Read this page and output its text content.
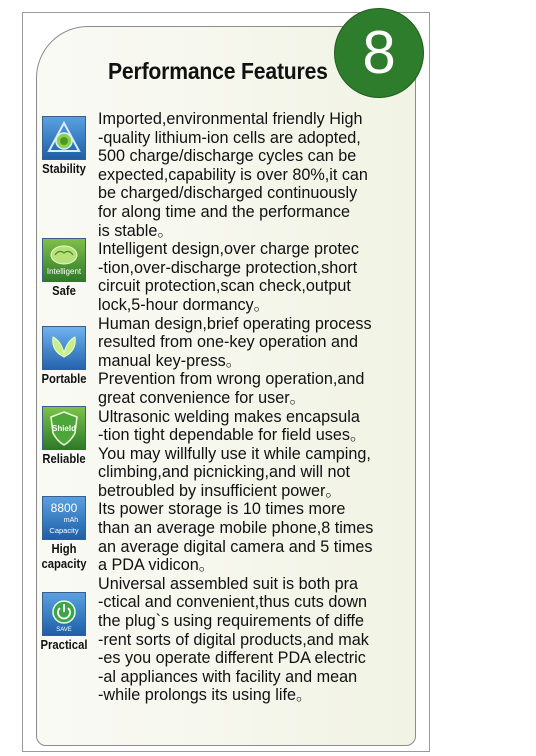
8
Performance Features
Stability
Intelligent
Safe
Portable
Shield
Reliable
8800
mAh
Capacity
High capacity
SAVE
Practical

Imported,environmental friendly High
-quality lithium-ion cells are adopted,
500 charge/discharge cycles can be
expected,capability is over 80%,it can
be charged/discharged continuously
for along time and the performance
is stable。

Intelligent design,over charge protec
-tion,over-discharge protection,short
circuit protection,scan check,output
lock,5-hour dormancy。

Human design,brief operating process
resulted from one-key operation and
manual key-press。
Prevention from wrong operation,and
great convenience for user。

Ultrasonic welding makes encapsula
-tion tight dependable for field uses。
You may willfully use it while camping,
climbing,and picnicking,and will not
betroubled by insufficient power。

Its power storage is 10 times more
than an average mobile phone,8 times
an average digital camera and 5 times
a PDA vidicon。

Universal assembled suit is both pra
-ctical and convenient,thus cuts down
the plug`s using requirements of diffe
-rent sorts of digital products,and mak
-es you operate different PDA electric
-al appliances with facility and mean
-while prolongs its using life。
